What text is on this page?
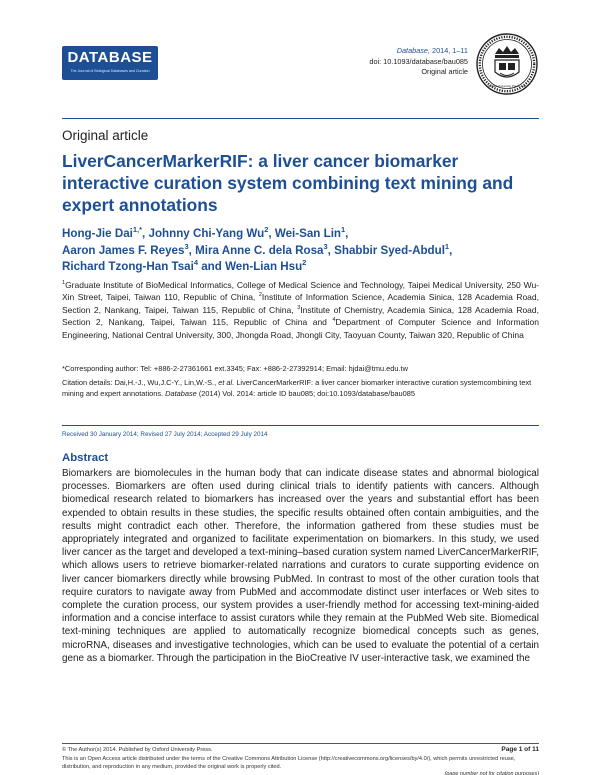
DATABASE
The Journal of Biological Databases and Curation
Database, 2014, 1–11
doi: 10.1093/database/bau085
Original article
Oxford University Press seal
Original article
LiverCancerMarkerRIF: a liver cancer biomarker interactive curation system combining text mining and expert annotations
Hong-Jie Dai$^{1,*}$, Johnny Chi-Yang Wu$^2$, Wei-San Lin$^1$,
Aaron James F. Reyes$^3$, Mira Anne C. dela Rosa$^3$, Shabbir Syed-Abdul$^1$,
Richard Tzong-Han Tsai$^4$ and Wen-Lian Hsu$^2$
$^1$Graduate Institute of BioMedical Informatics, College of Medical Science and Technology, Taipei Medical University, 250 Wu-Xin Street, Taipei, Taiwan 110, Republic of China, $^2$Institute of Information Science, Academia Sinica, 128 Academia Road, Section 2, Nankang, Taipei, Taiwan 115, Republic of China, $^3$Institute of Chemistry, Academia Sinica, 128 Academia Road, Section 2, Nankang, Taipei, Taiwan 115, Republic of China and $^4$Department of Computer Science and Information Engineering, National Central University, 300, Jhongda Road, Jhongli City, Taoyuan County, Taiwan 320, Republic of China
*Corresponding author: Tel: +886-2-27361661 ext.3345; Fax: +886-2-27392914; Email: hjdai@tmu.edu.tw
Citation details: Dai,H.-J., Wu,J.C-Y., Lin,W.-S., et al. LiverCancerMarkerRIF: a liver cancer biomarker interactive curation systemcombining text mining and expert annotations. Database (2014) Vol. 2014: article ID bau085; doi:10.1093/database/bau085
Received 30 January 2014; Revised 27 July 2014; Accepted 29 July 2014
Abstract

Biomarkers are biomolecules in the human body that can indicate disease states and abnormal biological processes. Biomarkers are often used during clinical trials to identify patients with cancers. Although biomedical research related to biomarkers has increased over the years and substantial effort has been expended to obtain results in these studies, the specific results obtained often contain ambiguities, and the results might contradict each other. Therefore, the information gathered from these studies must be appropriately integrated and organized to facilitate experimentation on biomarkers. In this study, we used liver cancer as the target and developed a text-mining–based curation system named LiverCancerMarkerRIF, which allows users to retrieve biomarker-related narrations and curators to curate supporting evidence on liver cancer biomarkers directly while browsing PubMed. In contrast to most of the other curation tools that require curators to navigate away from PubMed and accommodate distinct user interfaces or Web sites to complete the curation process, our system provides a user-friendly method for accessing text-mining-aided information and a concise interface to assist curators while they remain at the PubMed Web site. Biomedical text-mining techniques are applied to automatically recognize biomedical concepts such as genes, microRNA, diseases and investigative technologies, which can be used to evaluate the potential of a certain gene as a biomarker. Through the participation in the BioCreative IV user-interactive task, we examined the

© The Author(s) 2014. Published by Oxford University Press.	Page 1 of 11
This is an Open Access article distributed under the terms of the Creative Commons Attribution License (http://creativecommons.org/licenses/by/4.0/), which permits unrestricted reuse, distribution, and reproduction in any medium, provided the original work is properly cited.
(page number not for citation purposes)
